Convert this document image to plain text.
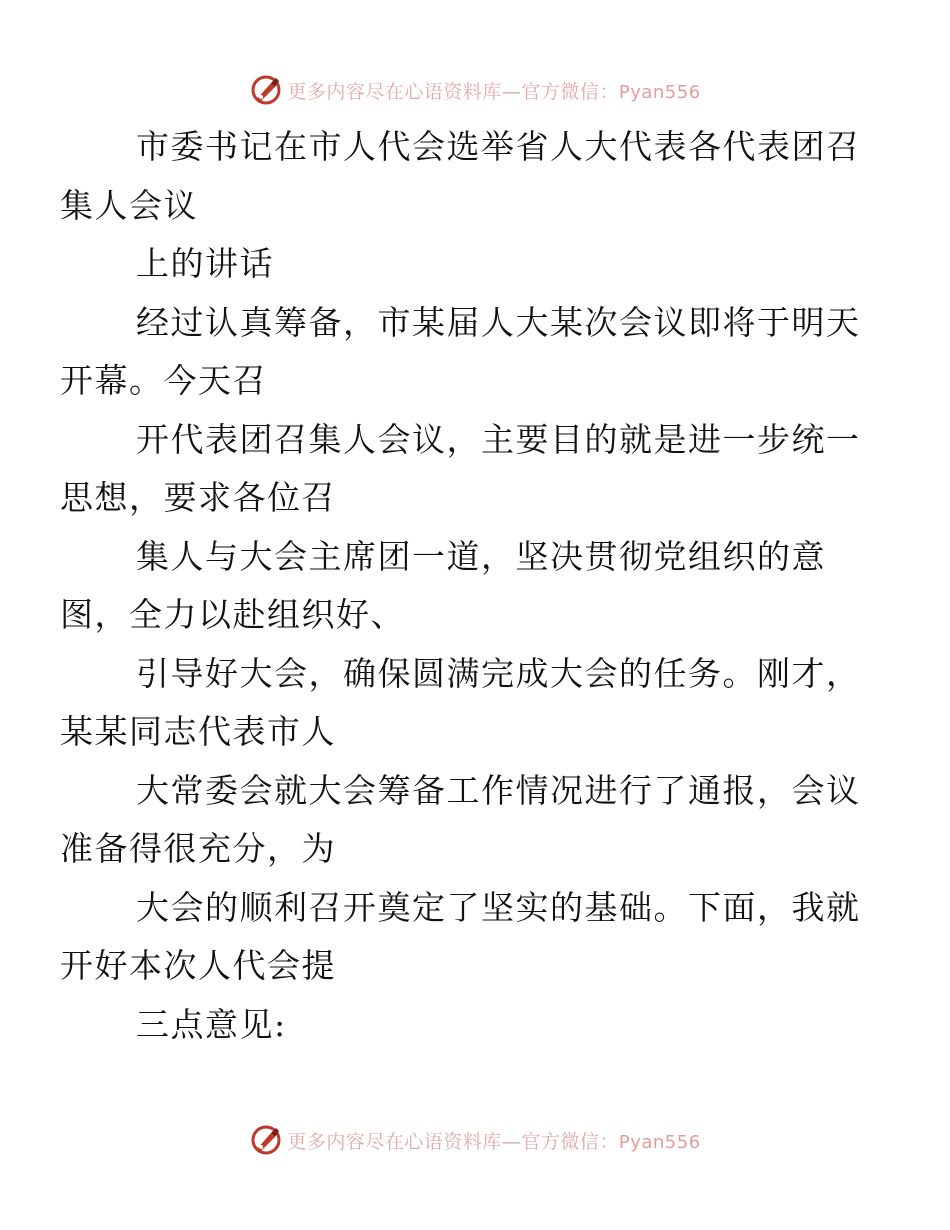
更多内容尽在心语资料库—官方微信：Pyan556

市委书记在市人代会选举省人大代表各代表团召
集人会议

上的讲话

经过认真筹备，市某届人大某次会议即将于明天
开幕。今天召

开代表团召集人会议，主要目的就是进一步统一
思想，要求各位召

集人与大会主席团一道，坚决贯彻党组织的意
图，全力以赴组织好、

引导好大会，确保圆满完成大会的任务。刚才，
某某同志代表市人

大常委会就大会筹备工作情况进行了通报，会议
准备得很充分，为

大会的顺利召开奠定了坚实的基础。下面，我就
开好本次人代会提

三点意见:

更多内容尽在心语资料库—官方微信：Pyan556
